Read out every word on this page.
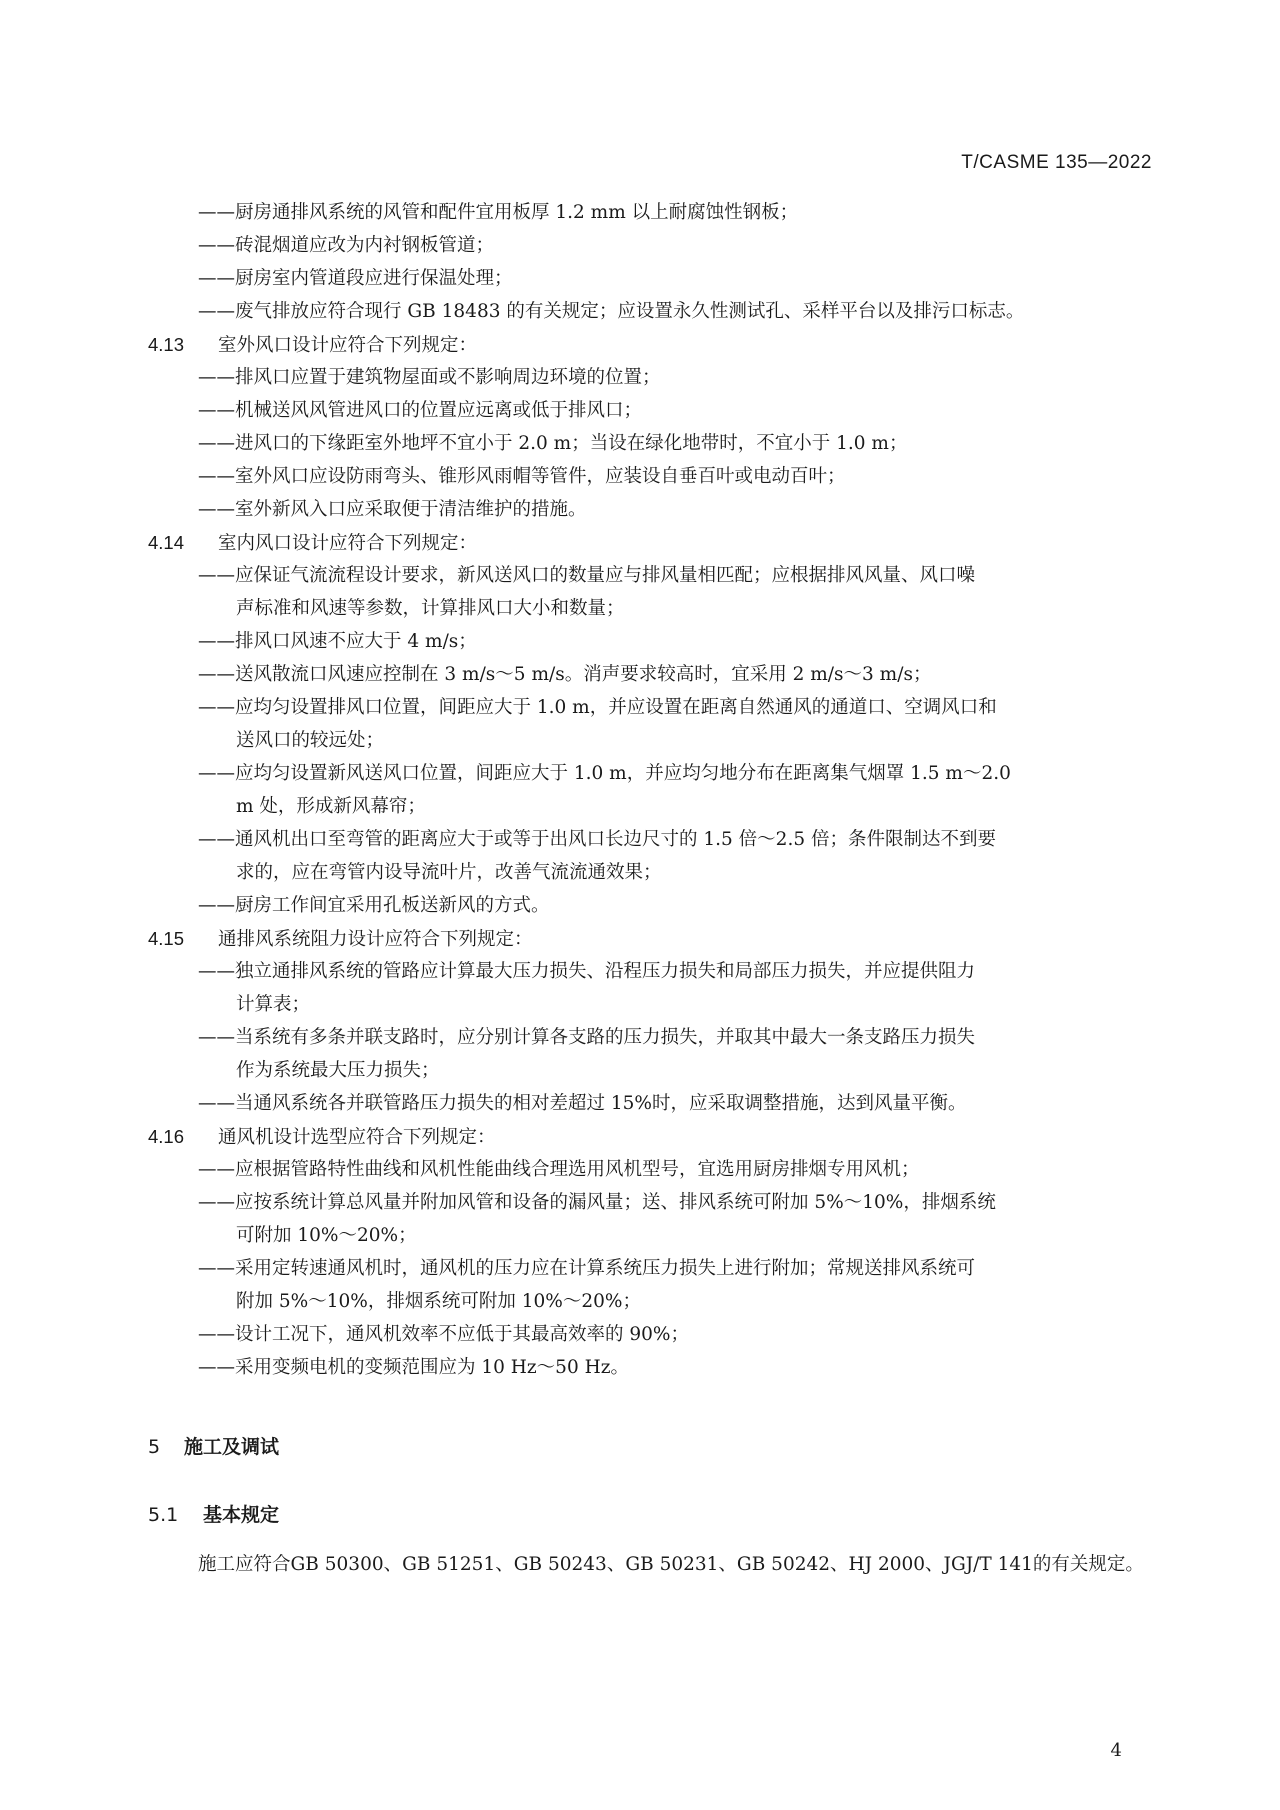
T/CASME 135—2022
——厨房通排风系统的风管和配件宜用板厚 1.2 mm 以上耐腐蚀性钢板；
——砖混烟道应改为内衬钢板管道；
——厨房室内管道段应进行保温处理；
——废气排放应符合现行 GB 18483 的有关规定；应设置永久性测试孔、采样平台以及排污口标志。
4.13 室外风口设计应符合下列规定：
——排风口应置于建筑物屋面或不影响周边环境的位置；
——机械送风风管进风口的位置应远离或低于排风口；
——进风口的下缘距室外地坪不宜小于 2.0 m；当设在绿化地带时，不宜小于 1.0 m；
——室外风口应设防雨弯头、锥形风雨帽等管件，应装设自垂百叶或电动百叶；
——室外新风入口应采取便于清洁维护的措施。
4.14 室内风口设计应符合下列规定：
——应保证气流流程设计要求，新风送风口的数量应与排风量相匹配；应根据排风风量、风口噪
声标准和风速等参数，计算排风口大小和数量；
——排风口风速不应大于 4 m/s；
——送风散流口风速应控制在 3 m/s～5 m/s。消声要求较高时，宜采用 2 m/s～3 m/s；
——应均匀设置排风口位置，间距应大于 1.0 m，并应设置在距离自然通风的通道口、空调风口和
送风口的较远处；
——应均匀设置新风送风口位置，间距应大于 1.0 m，并应均匀地分布在距离集气烟罩 1.5 m～2.0
m 处，形成新风幕帘；
——通风机出口至弯管的距离应大于或等于出风口长边尺寸的 1.5 倍～2.5 倍；条件限制达不到要
求的，应在弯管内设导流叶片，改善气流流通效果；
——厨房工作间宜采用孔板送新风的方式。
4.15 通排风系统阻力设计应符合下列规定：
——独立通排风系统的管路应计算最大压力损失、沿程压力损失和局部压力损失，并应提供阻力
计算表；
——当系统有多条并联支路时，应分别计算各支路的压力损失，并取其中最大一条支路压力损失
作为系统最大压力损失；
——当通风系统各并联管路压力损失的相对差超过 15%时，应采取调整措施，达到风量平衡。
4.16 通风机设计选型应符合下列规定：
——应根据管路特性曲线和风机性能曲线合理选用风机型号，宜选用厨房排烟专用风机；
——应按系统计算总风量并附加风管和设备的漏风量；送、排风系统可附加 5%～10%，排烟系统
可附加 10%～20%；
——采用定转速通风机时，通风机的压力应在计算系统压力损失上进行附加；常规送排风系统可
附加 5%～10%，排烟系统可附加 10%～20%；
——设计工况下，通风机效率不应低于其最高效率的 90%；
——采用变频电机的变频范围应为 10 Hz～50 Hz。
5 施工及调试
5.1 基本规定
施工应符合GB 50300、GB 51251、GB 50243、GB 50231、GB 50242、HJ 2000、JGJ/T 141的有关规定。
4
